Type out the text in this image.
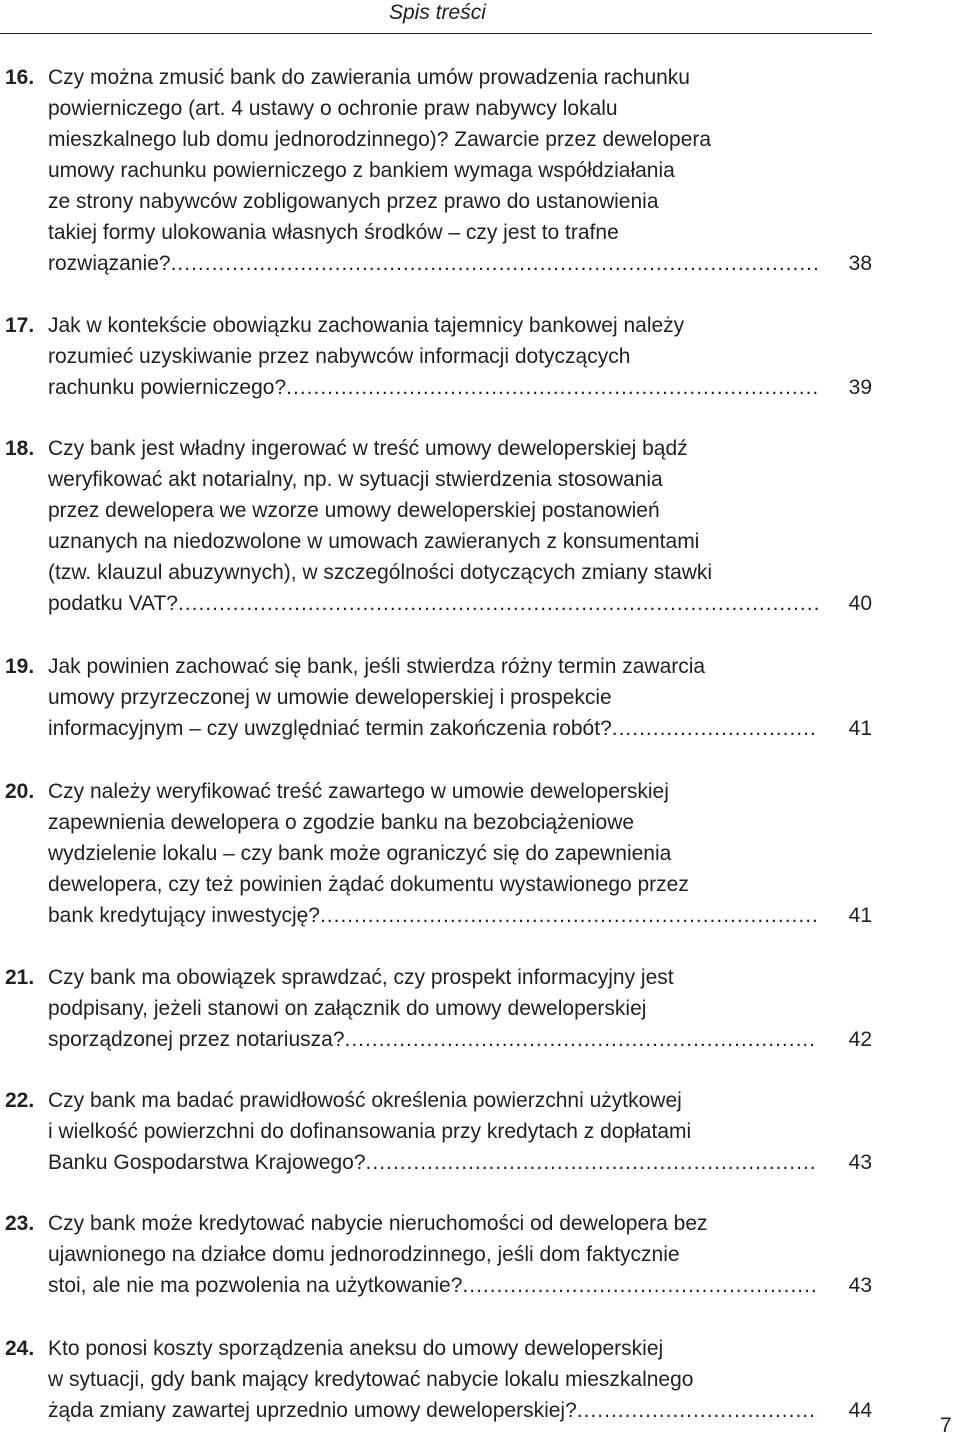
Spis treści
16. Czy można zmusić bank do zawierania umów prowadzenia rachunku
powierniczego (art. 4 ustawy o ochronie praw nabywcy lokalu
mieszkalnego lub domu jednorodzinnego)? Zawarcie przez dewelopera
umowy rachunku powierniczego z bankiem wymaga współdziałania
ze strony nabywców zobligowanych przez prawo do ustanowienia
takiej formy ulokowania własnych środków – czy jest to trafne
rozwiązanie? .....	38
17. Jak w kontekście obowiązku zachowania tajemnicy bankowej należy
rozumieć uzyskiwanie przez nabywców informacji dotyczących
rachunku powierniczego? .....	39
18. Czy bank jest władny ingerować w treść umowy deweloperskiej bądź
weryfikować akt notarialny, np. w sytuacji stwierdzenia stosowania
przez dewelopera we wzorze umowy deweloperskiej postanowień
uznanych na niedozwolone w umowach zawieranych z konsumentami
(tzw. klauzul abuzywnych), w szczególności dotyczących zmiany stawki
podatku VAT? .....	40
19. Jak powinien zachować się bank, jeśli stwierdza różny termin zawarcia
umowy przyrzeczonej w umowie deweloperskiej i prospekcie
informacyjnym – czy uwzględniać termin zakończenia robót? .....	41
20. Czy należy weryfikować treść zawartego w umowie deweloperskiej
zapewnienia dewelopera o zgodzie banku na bezobciążeniowe
wydzielenie lokalu – czy bank może ograniczyć się do zapewnienia
dewelopera, czy też powinien żądać dokumentu wystawionego przez
bank kredytujący inwestycję? .....	41
21. Czy bank ma obowiązek sprawdzać, czy prospekt informacyjny jest
podpisany, jeżeli stanowi on załącznik do umowy deweloperskiej
sporządzonej przez notariusza? .....	42
22. Czy bank ma badać prawidłowość określenia powierzchni użytkowej
i wielkość powierzchni do dofinansowania przy kredytach z dopłatami
Banku Gospodarstwa Krajowego? .....	43
23. Czy bank może kredytować nabycie nieruchomości od dewelopera bez
ujawnionego na działce domu jednorodzinnego, jeśli dom faktycznie
stoi, ale nie ma pozwolenia na użytkowanie? .....	43
24. Kto ponosi koszty sporządzenia aneksu do umowy deweloperskiej
w sytuacji, gdy bank mający kredytować nabycie lokalu mieszkalnego
żąda zmiany zawartej uprzednio umowy deweloperskiej? .....	44
7
